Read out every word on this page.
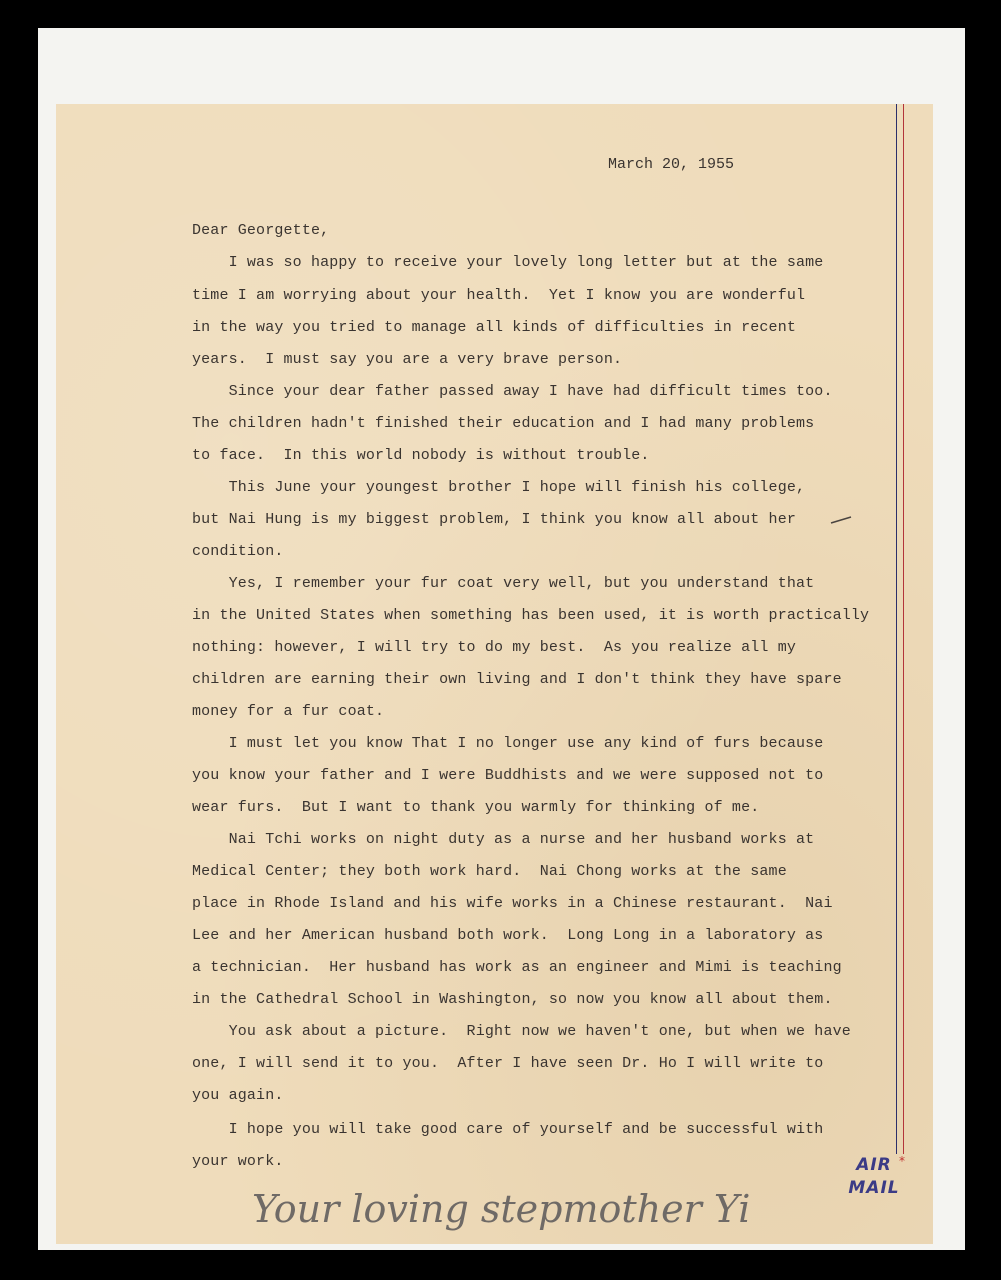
March 20, 1955
Dear Georgette,
I was so happy to receive your lovely long letter but at the same
time I am worrying about your health.  Yet I know you are wonderful
in the way you tried to manage all kinds of difficulties in recent
years.  I must say you are a very brave person.
Since your dear father passed away I have had difficult times too.
The children hadn't finished their education and I had many problems
to face.  In this world nobody is without trouble.
This June your youngest brother I hope will finish his college,
but Nai Hung is my biggest problem, I think you know all about her
condition.
Yes, I remember your fur coat very well, but you understand that
in the United States when something has been used, it is worth practically
nothing: however, I will try to do my best.  As you realize all my
children are earning their own living and I don't think they have spare
money for a fur coat.
I must let you know That I no longer use any kind of furs because
you know your father and I were Buddhists and we were supposed not to
wear furs.  But I want to thank you warmly for thinking of me.
Nai Tchi works on night duty as a nurse and her husband works at
Medical Center; they both work hard.  Nai Chong works at the same
place in Rhode Island and his wife works in a Chinese restaurant.  Nai
Lee and her American husband both work.  Long Long in a laboratory as
a technician.  Her husband has work as an engineer and Mimi is teaching
in the Cathedral School in Washington, so now you know all about them.
You ask about a picture.  Right now we haven't one, but when we have
one, I will send it to you.  After I have seen Dr. Ho I will write to
you again.
I hope you will take good care of yourself and be successful with
your work.	AIR
MAIL
*
Your loving stepmother Yi
